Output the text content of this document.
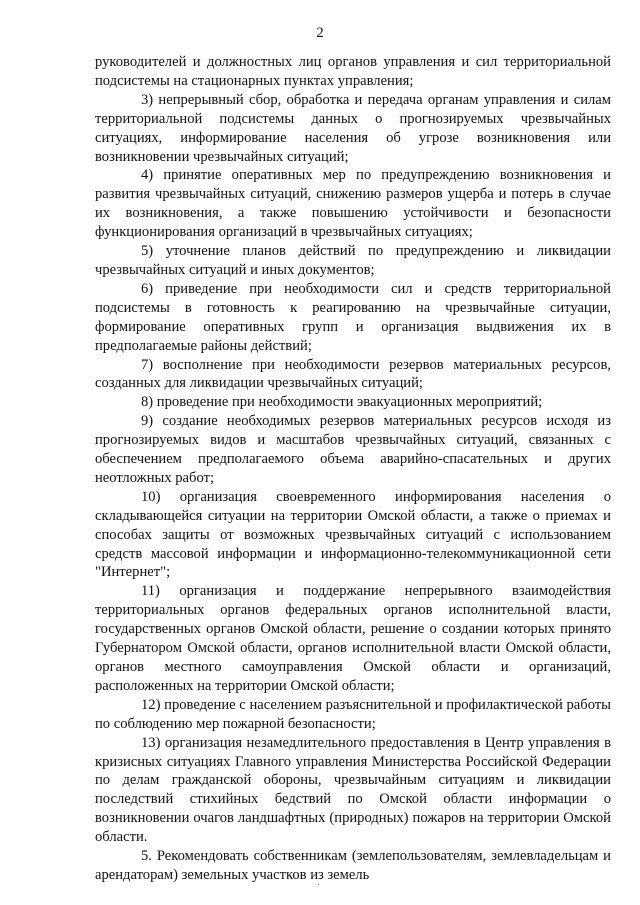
2

руководителей и должностных лиц органов управления и сил территориальной подсистемы на стационарных пунктах управления;

3) непрерывный сбор, обработка и передача органам управления и силам территориальной подсистемы данных о прогнозируемых чрезвычайных ситуациях, информирование населения об угрозе возникновения или возникновении чрезвычайных ситуаций;

4) принятие оперативных мер по предупреждению возникновения и развития чрезвычайных ситуаций, снижению размеров ущерба и потерь в случае их возникновения, а также повышению устойчивости и безопасности функционирования организаций в чрезвычайных ситуациях;

5) уточнение планов действий по предупреждению и ликвидации чрезвычайных ситуаций и иных документов;

6) приведение при необходимости сил и средств территориальной подсистемы в готовность к реагированию на чрезвычайные ситуации, формирование оперативных групп и организация выдвижения их в предполагаемые районы действий;

7) восполнение при необходимости резервов материальных ресурсов, созданных для ликвидации чрезвычайных ситуаций;

8) проведение при необходимости эвакуационных мероприятий;

9) создание необходимых резервов материальных ресурсов исходя из прогнозируемых видов и масштабов чрезвычайных ситуаций, связанных с обеспечением предполагаемого объема аварийно-спасательных и других неотложных работ;

10) организация своевременного информирования населения о складывающейся ситуации на территории Омской области, а также о приемах и способах защиты от возможных чрезвычайных ситуаций с использованием средств массовой информации и информационно-телекоммуникационной сети "Интернет";

11) организация и поддержание непрерывного взаимодействия территориальных органов федеральных органов исполнительной власти, государственных органов Омской области, решение о создании которых принято Губернатором Омской области, органов исполнительной власти Омской области, органов местного самоуправления Омской области и организаций, расположенных на территории Омской области;

12) проведение с населением разъяснительной и профилактической работы по соблюдению мер пожарной безопасности;

13) организация незамедлительного предоставления в Центр управления в кризисных ситуациях Главного управления Министерства Российской Федерации по делам гражданской обороны, чрезвычайным ситуациям и ликвидации последствий стихийных бедствий по Омской области информации о возникновении очагов ландшафтных (природных) пожаров на территории Омской области.

5. Рекомендовать собственникам (землепользователям, землевладельцам и арендаторам) земельных участков из земель
